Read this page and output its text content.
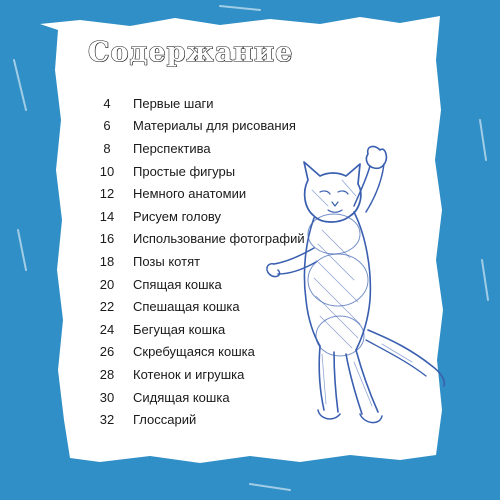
Содержание
4	Первые шаги
6	Материалы для рисования
8	Перспектива
10	Простые фигуры
12	Немного анатомии
14	Рисуем голову
16	Использование фотографий
18	Позы котят
20	Спящая кошка
22	Спешащая кошка
24	Бегущая кошка
26	Скребущаяся кошка
28	Котенок и игрушка
30	Сидящая кошка
32	Глоссарий
